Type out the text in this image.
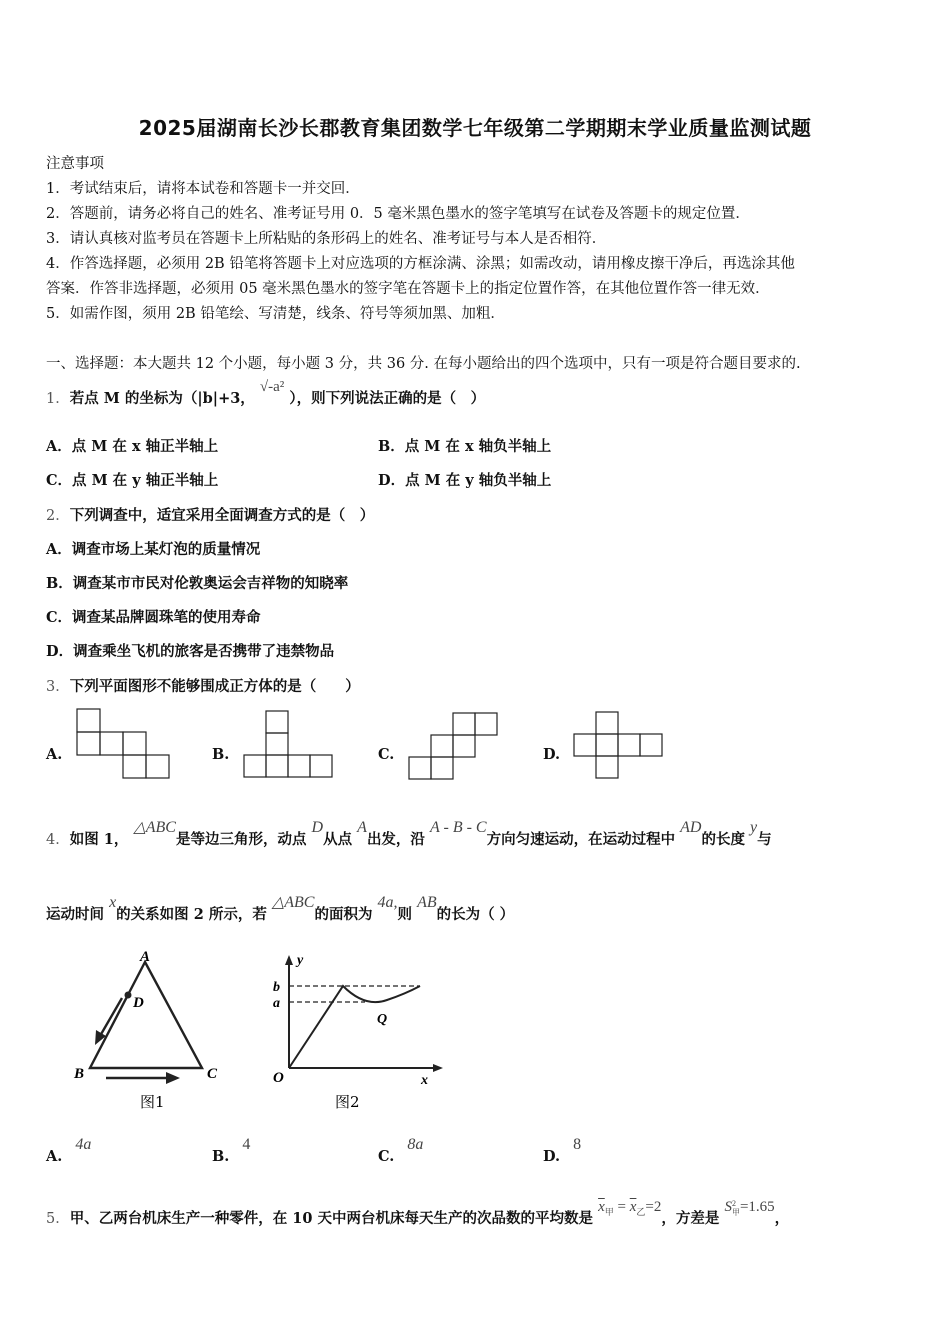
2025届湖南长沙长郡教育集团数学七年级第二学期期末学业质量监测试题
注意事项
1．考试结束后，请将本试卷和答题卡一并交回．
2．答题前，请务必将自己的姓名、准考证号用 0．5 毫米黑色墨水的签字笔填写在试卷及答题卡的规定位置．
3．请认真核对监考员在答题卡上所粘贴的条形码上的姓名、准考证号与本人是否相符．
4．作答选择题，必须用 2B 铅笔将答题卡上对应选项的方框涂满、涂黑；如需改动，请用橡皮擦干净后，再选涂其他
答案．作答非选择题，必须用 05 毫米黑色墨水的签字笔在答题卡上的指定位置作答，在其他位置作答一律无效．
5．如需作图，须用 2B 铅笔绘、写清楚，线条、符号等须加黑、加粗．
一、选择题：本大题共 12 个小题，每小题 3 分，共 36 分. 在每小题给出的四个选项中，只有一项是符合题目要求的.
1．若点 M 的坐标为（|b|+3， √-a² ），则下列说法正确的是（　）
A．点 M 在 x 轴正半轴上	B．点 M 在 x 轴负半轴上
C．点 M 在 y 轴正半轴上	D．点 M 在 y 轴负半轴上
2．下列调查中，适宜采用全面调查方式的是（　）
A．调查市场上某灯泡的质量情况
B．调查某市市民对伦敦奥运会吉祥物的知晓率
C．调查某品牌圆珠笔的使用寿命
D．调查乘坐飞机的旅客是否携带了违禁物品
3．下列平面图形不能够围成正方体的是（　　）
A.	B.	C.	D.
4．如图 1， △ABC是等边三角形，动点 D从点 A出发，沿 A - B - C方向匀速运动，在运动过程中 AD的长度 y与
运动时间 x的关系如图 2 所示，若 △ABC的面积为 4a,则 AB的长为（ ）
A
D
B	C
图1
y
b
a
Q
O	x
图2
A. 4a
B. 4
C. 8a
D. 8
5．甲、乙两台机床生产一种零件，在 10 天中两台机床每天生产的次品数的平均数是 $\overline{x}_甲 = \overline{x}_乙=2$，方差是 S 2
甲 =1.65，
